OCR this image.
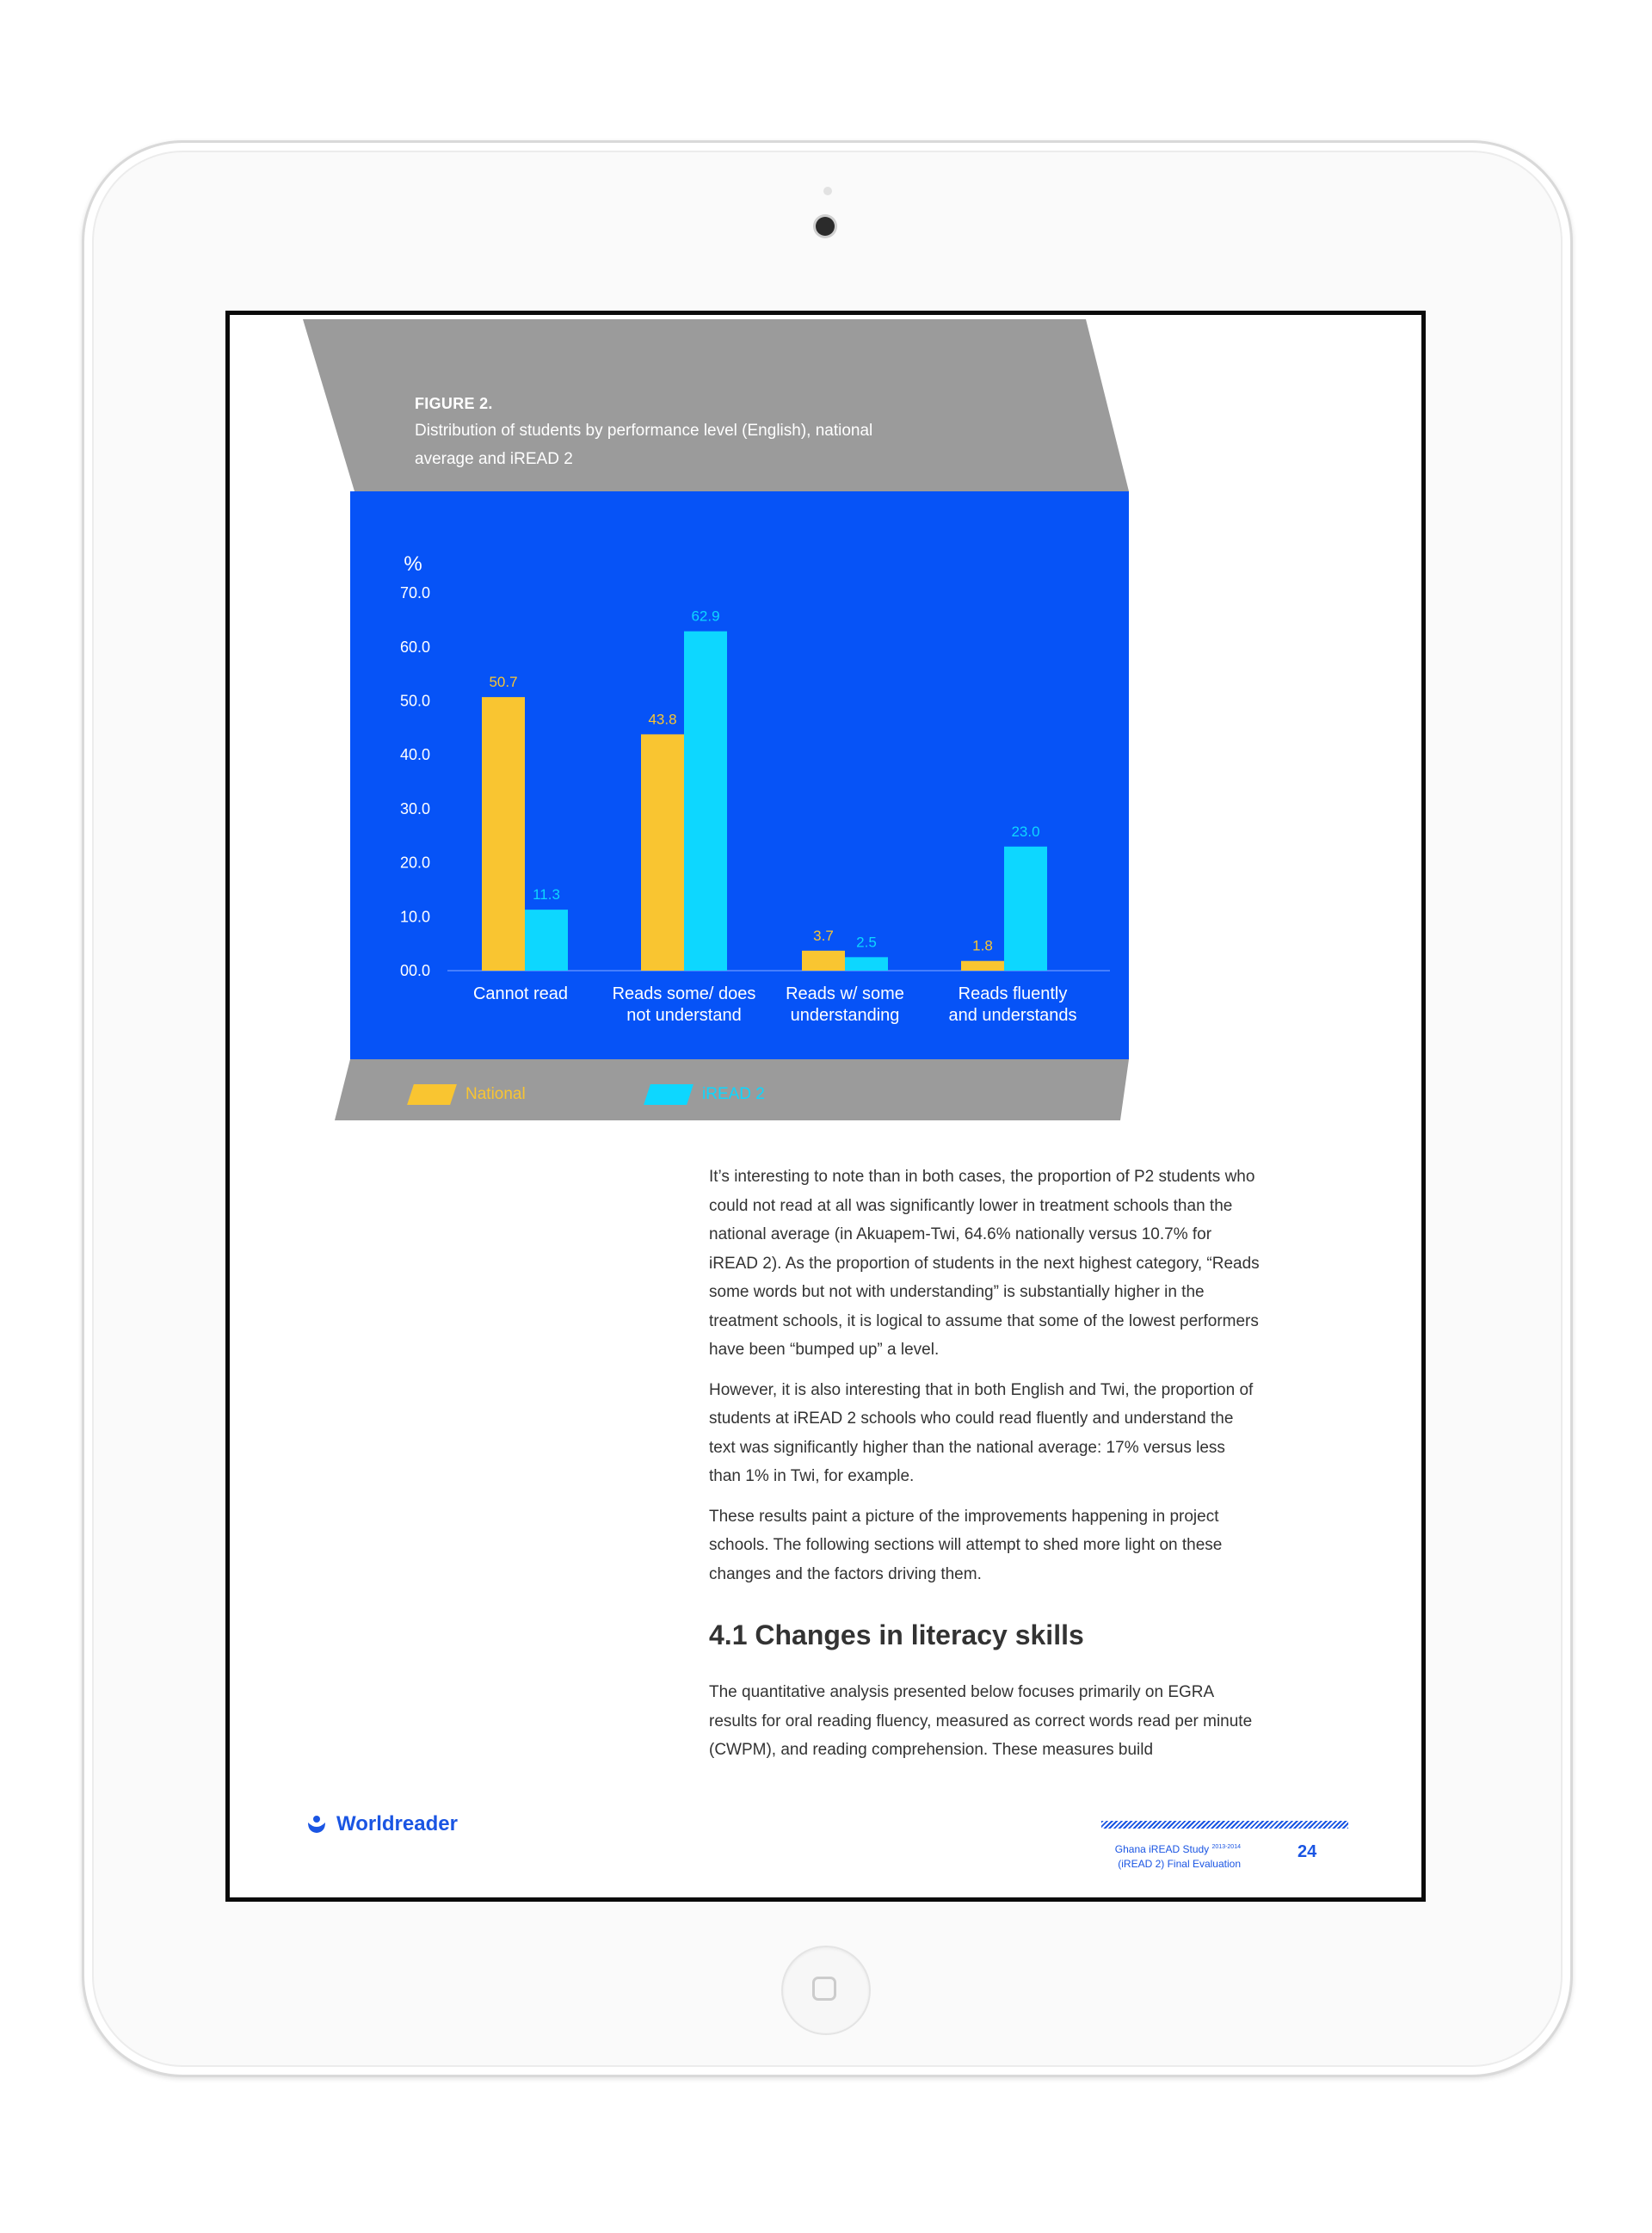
%
00.0
10.0
20.0
30.0
40.0
50.0
60.0
70.0
50.7
43.8
3.7
1.8
11.3
62.9
2.5
23.0
Cannot read	Reads some/ does
not understand
Reads w/ some
understanding
Reads fluently
and understands
FIGURE 2.
Distribution of students by performance level (English), national average and iREAD 2
National	iREAD 2

It’s interesting to note than in both cases, the proportion of P2 students who could not read at all was significantly lower in treatment schools than the national average (in Akuapem-Twi, 64.6% nationally versus 10.7% for iREAD 2). As the proportion of students in the next highest category, “Reads some words but not with understanding” is substantially higher in the treatment schools, it is logical to assume that some of the lowest performers have been “bumped up” a level.

However, it is also interesting that in both English and Twi, the proportion of students at iREAD 2 schools who could read fluently and understand the text was significantly higher than the national average: 17% versus less than 1% in Twi, for example.

These results paint a picture of the improvements happening in project schools. The following sections will attempt to shed more light on these changes and the factors driving them.

4.1 Changes in literacy skills

The quantitative analysis presented below focuses primarily on EGRA results for oral reading fluency, measured as correct words read per minute (CWPM), and reading comprehension. These measures build

Worldreader
Ghana iREAD Study $^{2013-2014}$
(iREAD 2) Final Evaluation
24
